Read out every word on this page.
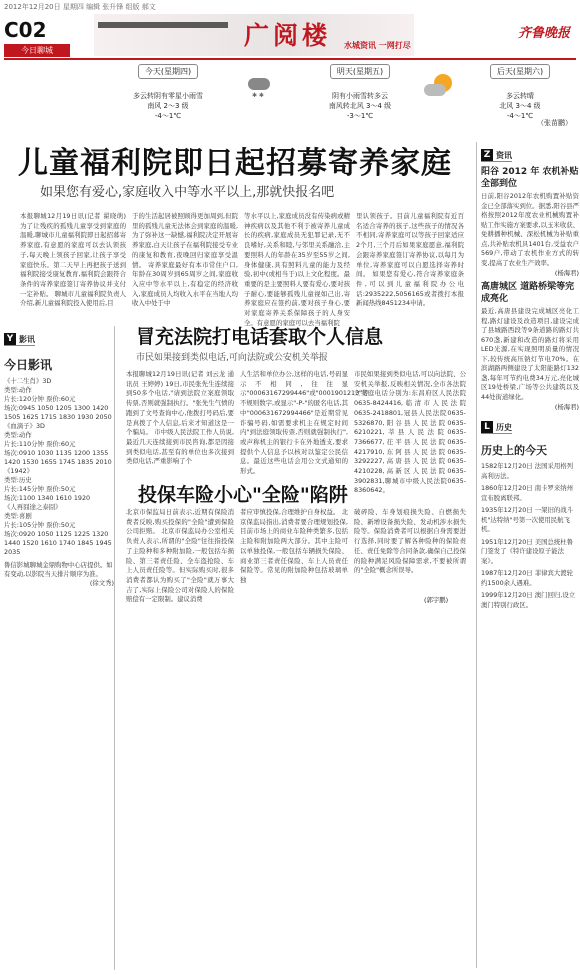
2012年12月20日 星期四 编辑 张升锋 组版 郝文
C02
今日聊城
广阅楼 水城资讯 一网打尽
齐鲁晚报
今天(星期四)
多云转阴有零星小雨雪
南风 2～3 级
-4～1℃
✱ ✱
明天(星期五)
阴有小雨雪转多云
南风转北风 3～4 级
-3～1℃
后天(星期六)
多云转晴
北风 3～4 级
-4～1℃
（张苗鹏）
儿童福利院即日起招募寄养家庭
如果您有爱心,家庭收入中等水平以上,那就快报名吧
本报聊城12月19日讯(记者 翟晓萌) 为了让残疾的孤残儿童享受到家庭的温暖,聊城市儿童福利院即日起招募寄养家庭,有意愿的家庭可以去认领孩子,每天晚上领孩子回家,让孩子享受家庭快乐。第二天早上再把孩子送到福利院接受康复教育,福利院会跟符合条件的寄养家庭签订寄养协议并支付一定补贴。 聊城市儿童福利院负责人介绍,新儿童福利院投入使用后,目
于的生活起居被照顾得更加周到,但院里的孤残儿童无法体会到家庭的温暖,为了弥补这一缺憾,福利院决定开展寄养家庭,白天让孩子在福利院接受专业的康复和教育,夜晚回归家庭享受温情。 寄养家庭最好有本市常住户口,年龄在30周岁到65周岁之间,家庭收入应中等水平以上,有稳定的经济收入,家庭成员人均收入水平在当地人均收入中处于中
等水平以上,家庭成员没有传染病或精神疾病以及其他不利于被寄养儿童成长的疾病,家庭成员无犯罪记录,无不良嗜好,关系和睦,与邻里关系融洽,主要照料人的年龄在35岁至55岁之间,身体健康,具有照料儿童的能力及经验,初中(或相当于)以上文化程度。最重要的是主要照料人要有爱心,要对孩子耐心,要能够孤残儿童视如己出,寄养家庭应在签约前,要对孩子身心,要对家庭寄养关系保障孩子的人身安全。有意愿的家庭可以去当福利院
里认领孩子。目前儿童福利院有近百名适合寄养的孩子,这些孩子的情况各不相同,寄养家庭可以等孩子回家适应2个月,三个月后如果家庭愿意,福利院会跟寄养家庭签订寄养协议,以每月为单位,寄养家庭可以自愿选择寄养时间。 如果您有爱心,符合寄养家庭条件,可以到儿童福利院办公电话:2935222,5056165或者拨打本报新闻热线8451234申请。
Y 影讯
今日影讯
《十二生肖》3D
类型:动作
片长:120分钟 票价:60元
场次:0945 1050 1205 1300 1420 1505 1625 1715 1830 1930 2050
《血滴子》3D
类型:动作
片长:110分钟 票价:60元
场次:0910 1030 1135 1200 1355 1420 1530 1655 1745 1835 2010
《1942》
类型:历史
片长:145分钟 票价:50元
场次:1100 1340 1610 1920
《人再囧途之泰囧》
类型:喜剧
片长:105分钟 票价:50元
场次:0920 1050 1125 1225 1320 1440 1520 1610 1740 1845 1945 2035
鲁信影城聊城金鼎购物中心店提供。如有变动,以影院当天排片顺序为准。
(徐文秀)
冒充法院打电话套取个人信息
市民如果接到类似电话,可向法院或公安机关举报
本报聊城12月19日讯(记者 刘云龙 通讯员 王婷婷) 19日,市民张先生连续接到50多个电话,"请到法院立案庭领取传票,否则就强制执行。"张先生气愤的跑到了文号查询中心,他拨打号码后,要是真拨了个人信息,后来才知道这是一个骗局。 市中级人民法院工作人员说,最近几天连续接到市民咨询,都是因接到类似电话,甚至有的单位也多次接到类似电话,严重影响了个
人生活和单位办公,这样的电话,号码显示不相同,往往显示"00063167299446"或"0001901213"等不规则数字,或显示"-P-"的匿名电话,其中"000631672994466"是近期常见诈骗号码,如需要求机主在规定时间内"到法庭领取传票,否则就强制执行",或声称机主的银行卡在外地透支,要求提供个人信息予以核对以鉴定公民信息。最近这些电话会用公文式通知的形式。
市民如果接到类似电话,可以向法院、公安机关举报,反映相关情况,全市各法院立案庭电话分别为:东昌府区人民法院0635-8424416,临清市人民法院0635-2418801,冠县人民法院0635-5326870,阳谷县人民法院0635-6210221,莘县人民法院0635-7366677,茌平县人民法院0635-4217910,东阿县人民法院0635-3292227,高唐县人民法院0635-4210228,高新区人民法院0635-3902831,聊城市中级人民法院0635-8360642。
投保车险小心"全险"陷阱
北京市保监局日前表示,近期有保险消费者反映,购买投保的"全险"遭到保险公司拒赔。 北京市保监局办公室相关负责人表示,所谓的"全险"往往指投保了主险种和多种附加险,一般包括车损险、第三者责任险、全车盗抢险、车上人员责任险等。但实际购买时,很多消费者都认为购买了"全险"就万事大吉了,实际上保险公司对保险人的保险赔偿有一定限制。建议消费
者应审慎投保,合理维护自身权益。 北京保监局指出,消费者要合理规划投保,目前市场上的商业车险种类繁多,包括主险和附加险两大部分。其中主险可以单独投保,一般包括车辆损失保险、商业第三者责任保险、车上人员责任保险等。常见的附加险种包括玻璃单独
破碎险、车身划痕损失险、自燃损失险、新增设备损失险、发动机涉水损失险等。保险消费者可以根据自身需要进行选择,同时要了解各种险种的保险责任、责任免除等合同条款,确保自己投保的险种满足风险保障需求,不要被所谓的"全险"概念所误导。
(郭宇鹏)
Z 资讯
阳谷 2012 年 农机补贴全部到位
日前,阳谷2012年农机购置补贴资金已全部落实到位。据悉,阳谷县严格按照2012年度农业机械购置补贴工作实施方案要求,以玉米收获、免耕播种机械、深松机械为补贴重点,共补贴农机具1401台,受益农户569户,带动了农机作业方式的转变,提高了农业生产效率。
(杨海君)
高唐城区 道路桥梁等完成亮化
最近,高唐县建设完成城区亮化工程,路灯建设及改造项目,建设完成了县城路西段等9条道路的路灯共670盏,新建和改造的路灯将采用LED光源,在实现照明质量的情况下,较传统高压钠灯节电70%。在滨湖路两侧建设了太阳能路灯132盏,每年可节约电费34万元,亮化城区19处桥梁,广场等公共建筑以及44处街道绿化。
(杨海君)
L 历史
历史上的今天
1582年12月20日 法国采用格列高利历法。
1860年12月20日 南卡罗来纳州宣布脱离联邦。
1935年12月20日 一架旧的战斗机"达特纳"号第一次使用民航飞机。
1951年12月20日 美国总统杜鲁门签发了《特许建设原子能法案》。
1987年12月20日 菲律宾大渡轮约1500余人遇难。
1999年12月20日 澳门回归,设立澳门特别行政区。
